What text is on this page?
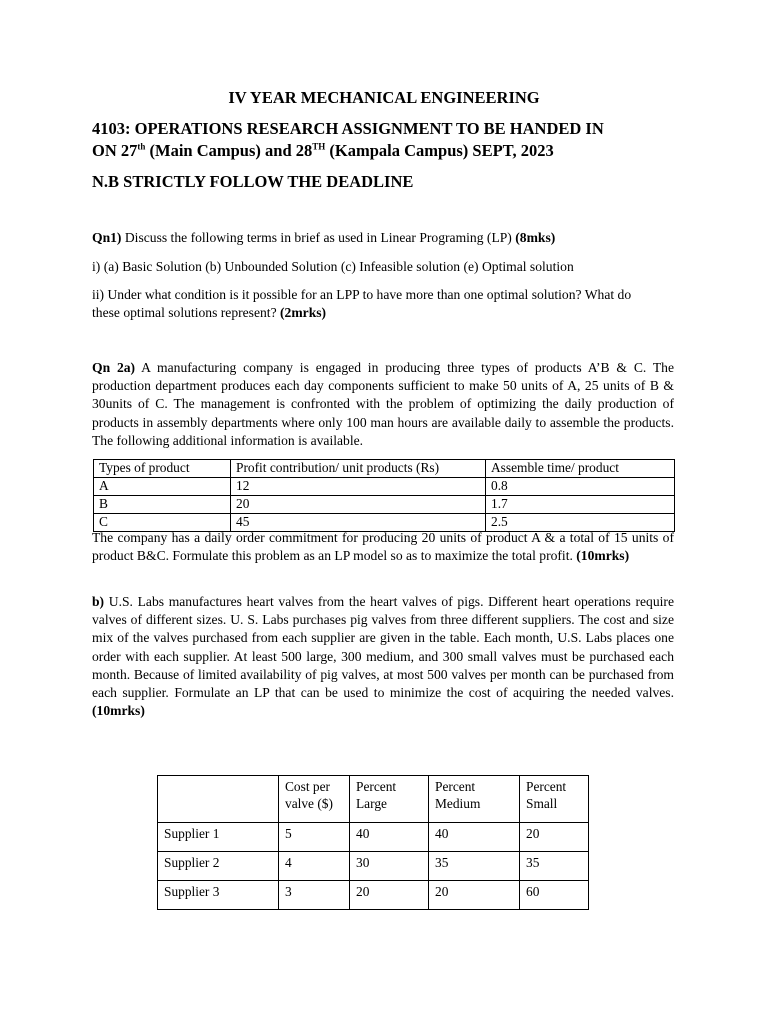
IV YEAR MECHANICAL ENGINEERING
4103: OPERATIONS RESEARCH ASSIGNMENT TO BE HANDED IN
ON 27th (Main Campus) and 28TH (Kampala Campus) SEPT, 2023
N.B STRICTLY FOLLOW THE DEADLINE
Qn1) Discuss the following terms in brief as used in Linear Programing (LP) (8mks)
i) (a) Basic Solution (b) Unbounded Solution (c) Infeasible solution (e) Optimal solution
ii) Under what condition is it possible for an LPP to have more than one optimal solution? What do these optimal solutions represent? (2mrks)
Qn 2a) A manufacturing company is engaged in producing three types of products A’B & C. The production department produces each day components sufficient to make 50 units of A, 25 units of B & 30units of C. The management is confronted with the problem of optimizing the daily production of products in assembly departments where only 100 man hours are available daily to assemble the products. The following additional information is available.
Types of product	Profit contribution/ unit products (Rs)	Assemble time/ product
A	12	0.8
B	20	1.7
C	45	2.5
The company has a daily order commitment for producing 20 units of product A & a total of 15 units of product B&C. Formulate this problem as an LP model so as to maximize the total profit. (10mrks)
b) U.S. Labs manufactures heart valves from the heart valves of pigs. Different heart operations require valves of different sizes. U. S. Labs purchases pig valves from three different suppliers. The cost and size mix of the valves purchased from each supplier are given in the table. Each month, U.S. Labs places one order with each supplier. At least 500 large, 300 medium, and 300 small valves must be purchased each month. Because of limited availability of pig valves, at most 500 valves per month can be purchased from each supplier. Formulate an LP that can be used to minimize the cost of acquiring the needed valves. (10mrks)
	Cost per valve ($)	Percent Large	Percent Medium	Percent Small
Supplier 1	5	40	40	20
Supplier 2	4	30	35	35
Supplier 3	3	20	20	60
